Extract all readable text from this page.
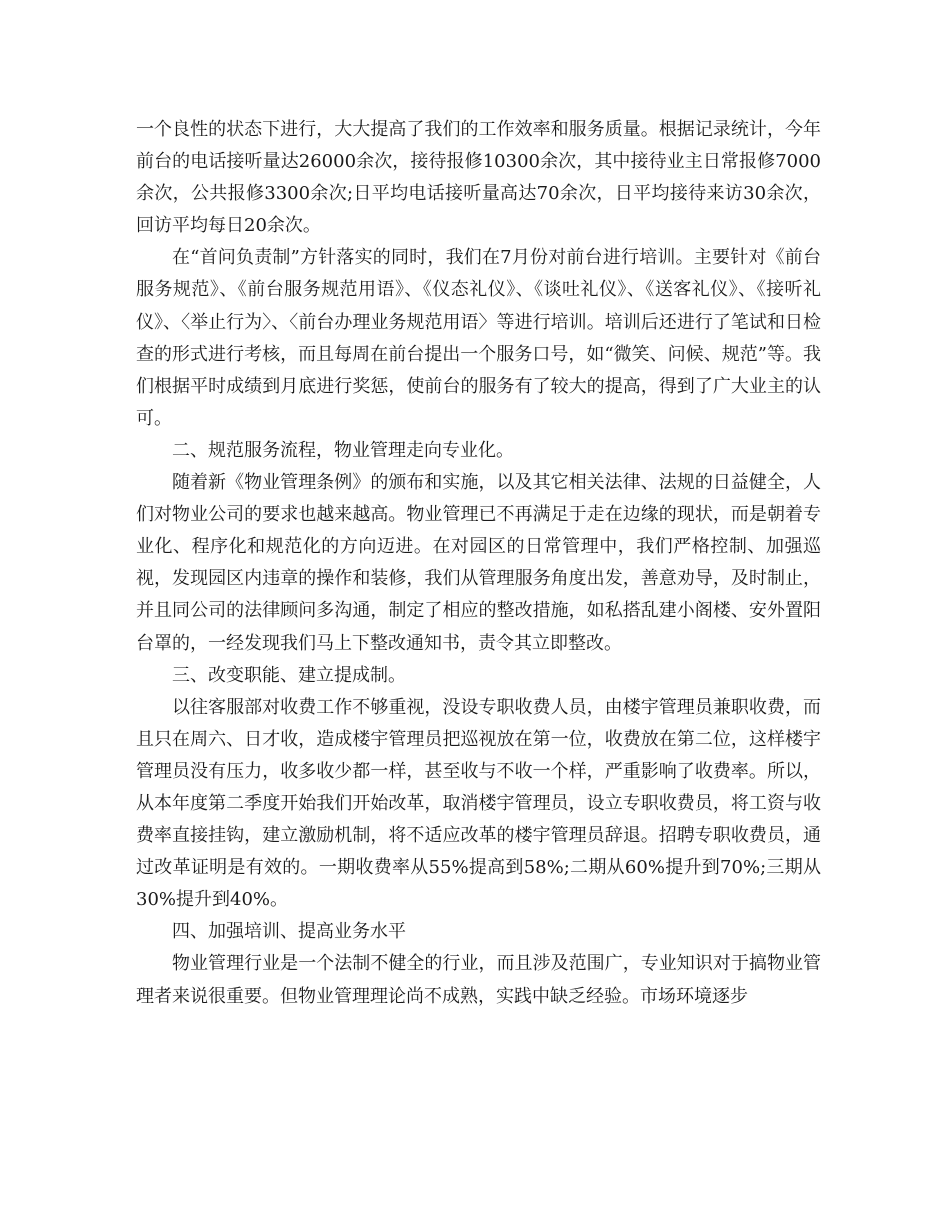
一个良性的状态下进行，大大提高了我们的工作效率和服务质量。根据记录统计，今年前台的电话接听量达26000余次，接待报修10300余次，其中接待业主日常报修7000余次，公共报修3300余次;日平均电话接听量高达70余次，日平均接待来访30余次，回访平均每日20余次。

在“首问负责制”方针落实的同时，我们在7月份对前台进行培训。主要针对《前台服务规范》、《前台服务规范用语》、《仪态礼仪》、《谈吐礼仪》、《送客礼仪》、《接听礼仪》、〈举止行为〉、〈前台办理业务规范用语〉等进行培训。培训后还进行了笔试和日检查的形式进行考核，而且每周在前台提出一个服务口号，如“微笑、问候、规范”等。我们根据平时成绩到月底进行奖惩，使前台的服务有了较大的提高，得到了广大业主的认可。

二、规范服务流程，物业管理走向专业化。

随着新《物业管理条例》的颁布和实施，以及其它相关法律、法规的日益健全，人们对物业公司的要求也越来越高。物业管理已不再满足于走在边缘的现状，而是朝着专业化、程序化和规范化的方向迈进。在对园区的日常管理中，我们严格控制、加强巡视，发现园区内违章的操作和装修，我们从管理服务角度出发，善意劝导，及时制止，并且同公司的法律顾问多沟通，制定了相应的整改措施，如私搭乱建小阁楼、安外置阳台罩的，一经发现我们马上下整改通知书，责令其立即整改。

三、改变职能、建立提成制。

以往客服部对收费工作不够重视，没设专职收费人员，由楼宇管理员兼职收费，而且只在周六、日才收，造成楼宇管理员把巡视放在第一位，收费放在第二位，这样楼宇管理员没有压力，收多收少都一样，甚至收与不收一个样，严重影响了收费率。所以，从本年度第二季度开始我们开始改革，取消楼宇管理员，设立专职收费员，将工资与收费率直接挂钩，建立激励机制，将不适应改革的楼宇管理员辞退。招聘专职收费员，通过改革证明是有效的。一期收费率从55%提高到58%;二期从60%提升到70%;三期从30%提升到40%。

四、加强培训、提高业务水平

物业管理行业是一个法制不健全的行业，而且涉及范围广，专业知识对于搞物业管理者来说很重要。但物业管理理论尚不成熟，实践中缺乏经验。市场环境逐步
